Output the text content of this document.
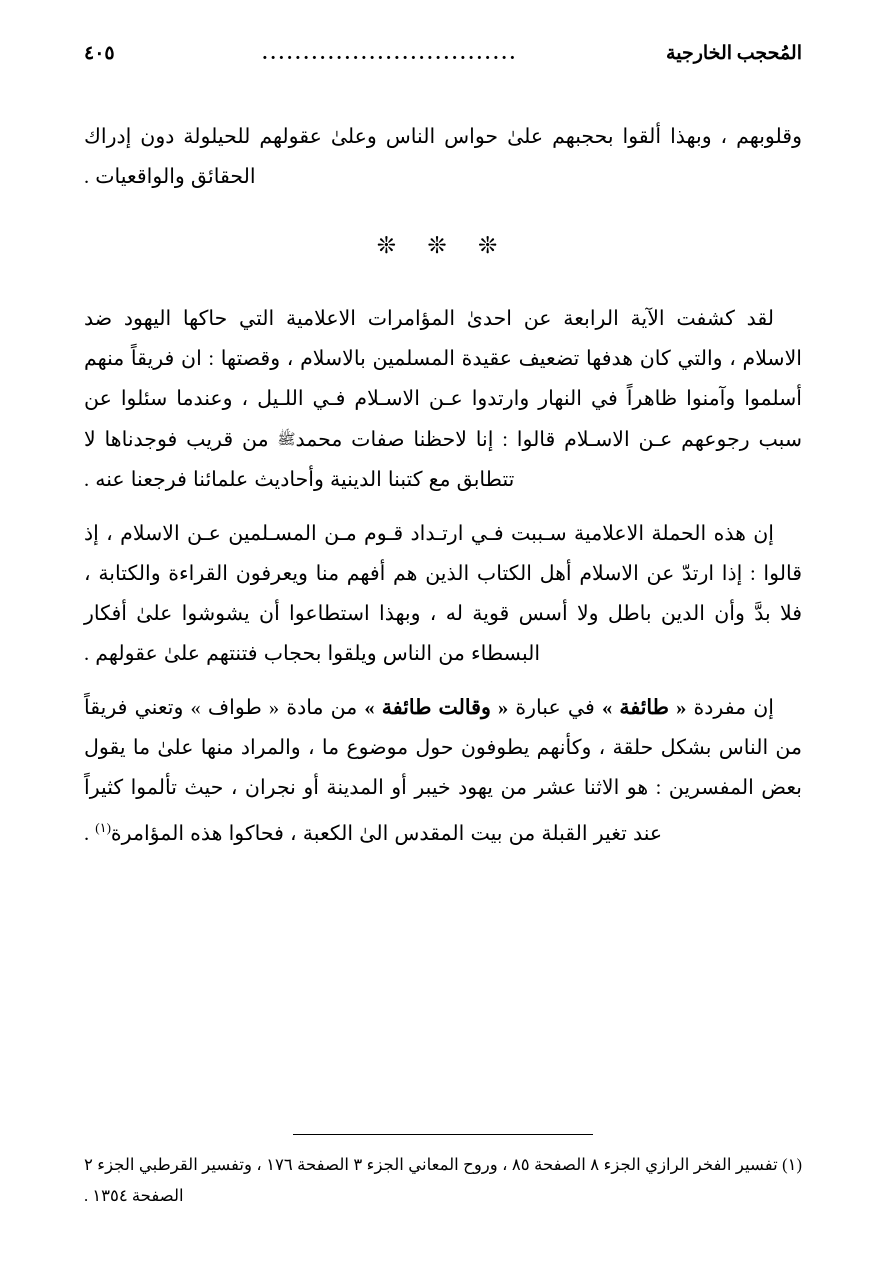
المُحجب الخارجية
...............................
٤٠٥

وقلوبهم ، وبهذا ألقوا بحجبهم علىٰ حواس الناس وعلىٰ عقولهم للحيلولة دون إدراك الحقائق والواقعيات .

❊ ❊ ❊

لقد كشفت الآية الرابعة عن احدىٰ المؤامرات الاعلامية التي حاكها اليهود ضد الاسلام ، والتي كان هدفها تضعيف عقيدة المسلمين بالاسلام ، وقصتها : ان فريقاً منهم أسلموا وآمنوا ظاهراً في النهار وارتدوا عـن الاسـلام فـي اللـيل ، وعندما سئلوا عن سبب رجوعهم عـن الاسـلام قالوا : إنا لاحظنا صفات محمدﷺ من قريب فوجدناها لا تتطابق مع كتبنا الدينية وأحاديث علمائنا فرجعنا عنه .

إن هذه الحملة الاعلامية سـببت فـي ارتـداد قـوم مـن المسـلمين عـن الاسلام ، إذ قالوا : إذا ارتدّ عن الاسلام أهل الكتاب الذين هم أفهم منا ويعرفون القراءة والكتابة ، فلا بدَّ وأن الدين باطل ولا أسس قوية له ، وبهذا استطاعوا أن يشوشوا علىٰ أفكار البسطاء من الناس ويلقوا بحجاب فتنتهم علىٰ عقولهم .

إن مفردة « طائفة » في عبارة « وقالت طائفة » من مادة « طواف » وتعني فريقاً من الناس بشكل حلقة ، وكأنهم يطوفون حول موضوع ما ، والمراد منها علىٰ ما يقول بعض المفسرين : هو الاثنا عشر من يهود خيبر أو المدينة أو نجران ، حيث تألموا كثيراً عند تغير القبلة من بيت المقدس الىٰ الكعبة ، فحاكوا هذه المؤامرة$^{(١)}$ .

(١) تفسير الفخر الرازي الجزء ٨ الصفحة ٨٥ ، وروح المعاني الجزء ٣ الصفحة ١٧٦ ، وتفسير القرطبي الجزء ٢ الصفحة ١٣٥٤ .
